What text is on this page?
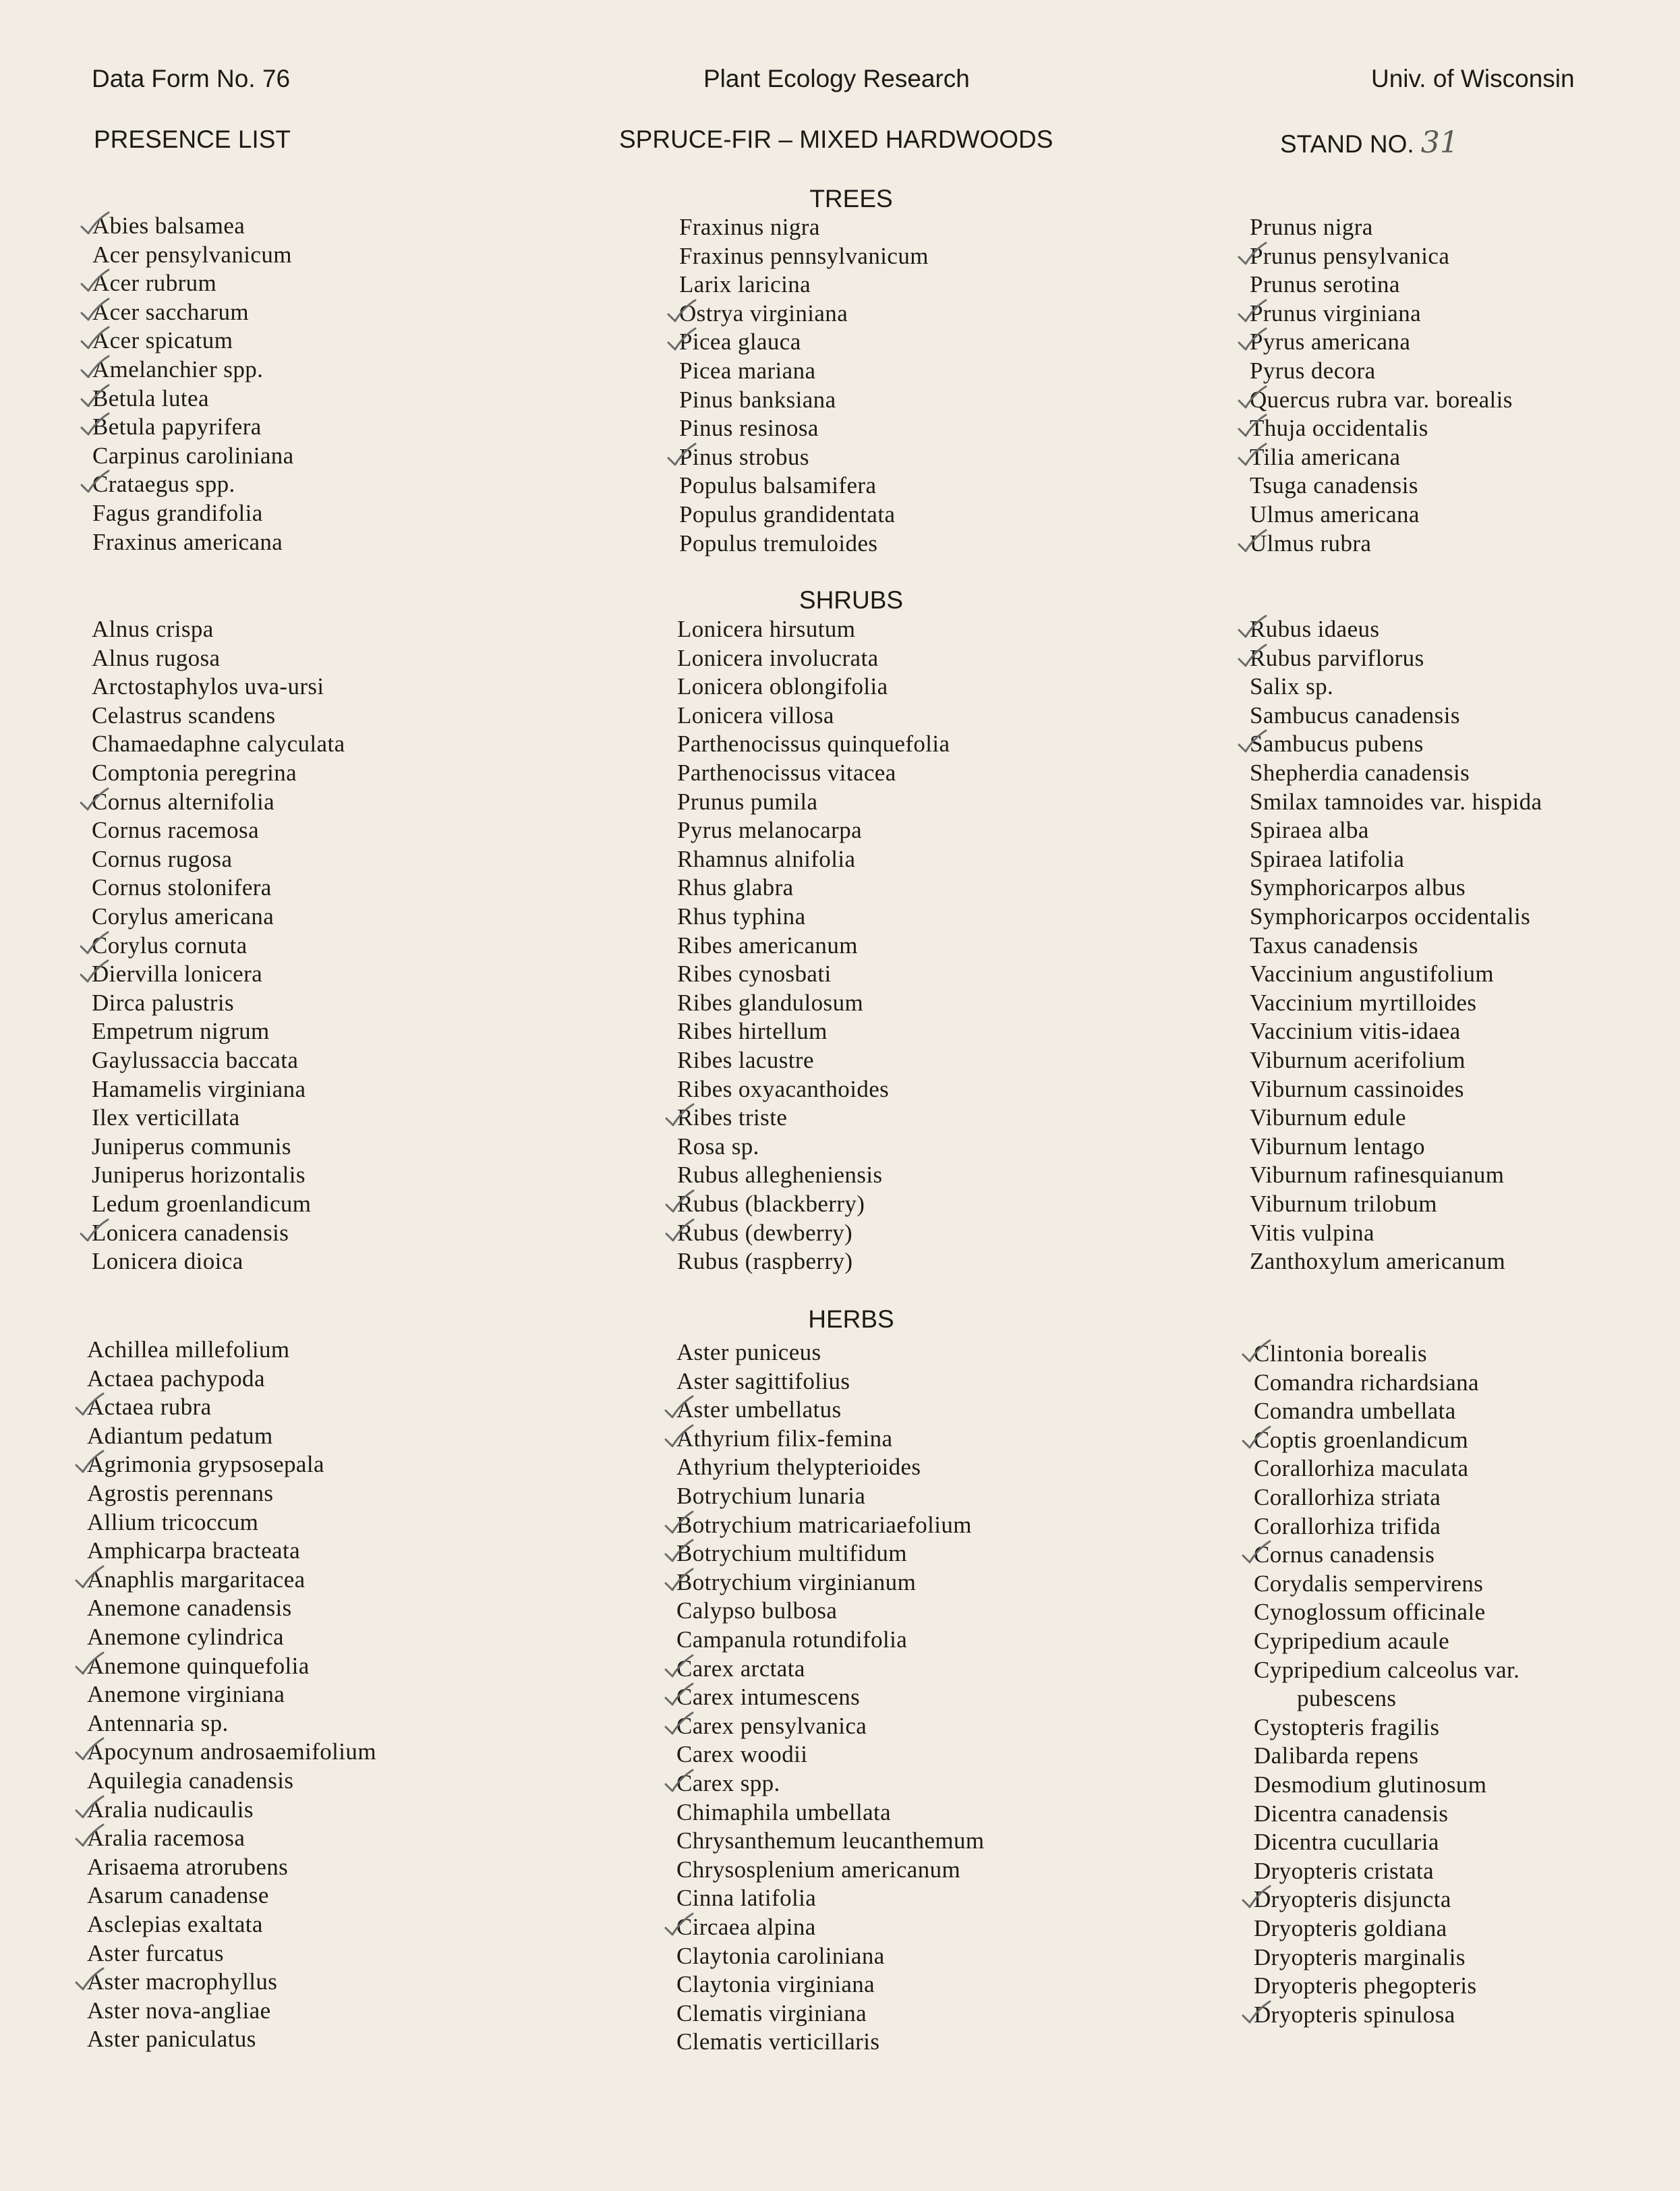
Data Form No. 76	Plant Ecology Research	Univ. of Wisconsin
PRESENCE LIST	SPRUCE-FIR – MIXED HARDWOODS	STAND NO. 31
TREES
SHRUBS
HERBS
Abies balsamea
Acer pensylvanicum
Acer rubrum
Acer saccharum
Acer spicatum
Amelanchier spp.
Betula lutea
Betula papyrifera
Carpinus caroliniana
Crataegus spp.
Fagus grandifolia
Fraxinus americana
Fraxinus nigra
Fraxinus pennsylvanicum
Larix laricina
Ostrya virginiana
Picea glauca
Picea mariana
Pinus banksiana
Pinus resinosa
Pinus strobus
Populus balsamifera
Populus grandidentata
Populus tremuloides
Prunus nigra
Prunus pensylvanica
Prunus serotina
Prunus virginiana
Pyrus americana
Pyrus decora
Quercus rubra var. borealis
Thuja occidentalis
Tilia americana
Tsuga canadensis
Ulmus americana
Ulmus rubra
Alnus crispa
Alnus rugosa
Arctostaphylos uva-ursi
Celastrus scandens
Chamaedaphne calyculata
Comptonia peregrina
Cornus alternifolia
Cornus racemosa
Cornus rugosa
Cornus stolonifera
Corylus americana
Corylus cornuta
Diervilla lonicera
Dirca palustris
Empetrum nigrum
Gaylussaccia baccata
Hamamelis virginiana
Ilex verticillata
Juniperus communis
Juniperus horizontalis
Ledum groenlandicum
Lonicera canadensis
Lonicera dioica
Lonicera hirsutum
Lonicera involucrata
Lonicera oblongifolia
Lonicera villosa
Parthenocissus quinquefolia
Parthenocissus vitacea
Prunus pumila
Pyrus melanocarpa
Rhamnus alnifolia
Rhus glabra
Rhus typhina
Ribes americanum
Ribes cynosbati
Ribes glandulosum
Ribes hirtellum
Ribes lacustre
Ribes oxyacanthoides
Ribes triste
Rosa sp.
Rubus allegheniensis
Rubus (blackberry)
Rubus (dewberry)
Rubus (raspberry)
Rubus idaeus
Rubus parviflorus
Salix sp.
Sambucus canadensis
Sambucus pubens
Shepherdia canadensis
Smilax tamnoides var. hispida
Spiraea alba
Spiraea latifolia
Symphoricarpos albus
Symphoricarpos occidentalis
Taxus canadensis
Vaccinium angustifolium
Vaccinium myrtilloides
Vaccinium vitis-idaea
Viburnum acerifolium
Viburnum cassinoides
Viburnum edule
Viburnum lentago
Viburnum rafinesquianum
Viburnum trilobum
Vitis vulpina
Zanthoxylum americanum
Achillea millefolium
Actaea pachypoda
Actaea rubra
Adiantum pedatum
Agrimonia grypsosepala
Agrostis perennans
Allium tricoccum
Amphicarpa bracteata
Anaphlis margaritacea
Anemone canadensis
Anemone cylindrica
Anemone quinquefolia
Anemone virginiana
Antennaria sp.
Apocynum androsaemifolium
Aquilegia canadensis
Aralia nudicaulis
Aralia racemosa
Arisaema atrorubens
Asarum canadense
Asclepias exaltata
Aster furcatus
Aster macrophyllus
Aster nova-angliae
Aster paniculatus
Aster puniceus
Aster sagittifolius
Aster umbellatus
Athyrium filix-femina
Athyrium thelypterioides
Botrychium lunaria
Botrychium matricariaefolium
Botrychium multifidum
Botrychium virginianum
Calypso bulbosa
Campanula rotundifolia
Carex arctata
Carex intumescens
Carex pensylvanica
Carex woodii
Carex spp.
Chimaphila umbellata
Chrysanthemum leucanthemum
Chrysosplenium americanum
Cinna latifolia
Circaea alpina
Claytonia caroliniana
Claytonia virginiana
Clematis virginiana
Clematis verticillaris
Clintonia borealis
Comandra richardsiana
Comandra umbellata
Coptis groenlandicum
Corallorhiza maculata
Corallorhiza striata
Corallorhiza trifida
Cornus canadensis
Corydalis sempervirens
Cynoglossum officinale
Cypripedium acaule
Cypripedium calceolus var.
pubescens
Cystopteris fragilis
Dalibarda repens
Desmodium glutinosum
Dicentra canadensis
Dicentra cucullaria
Dryopteris cristata
Dryopteris disjuncta
Dryopteris goldiana
Dryopteris marginalis
Dryopteris phegopteris
Dryopteris spinulosa
